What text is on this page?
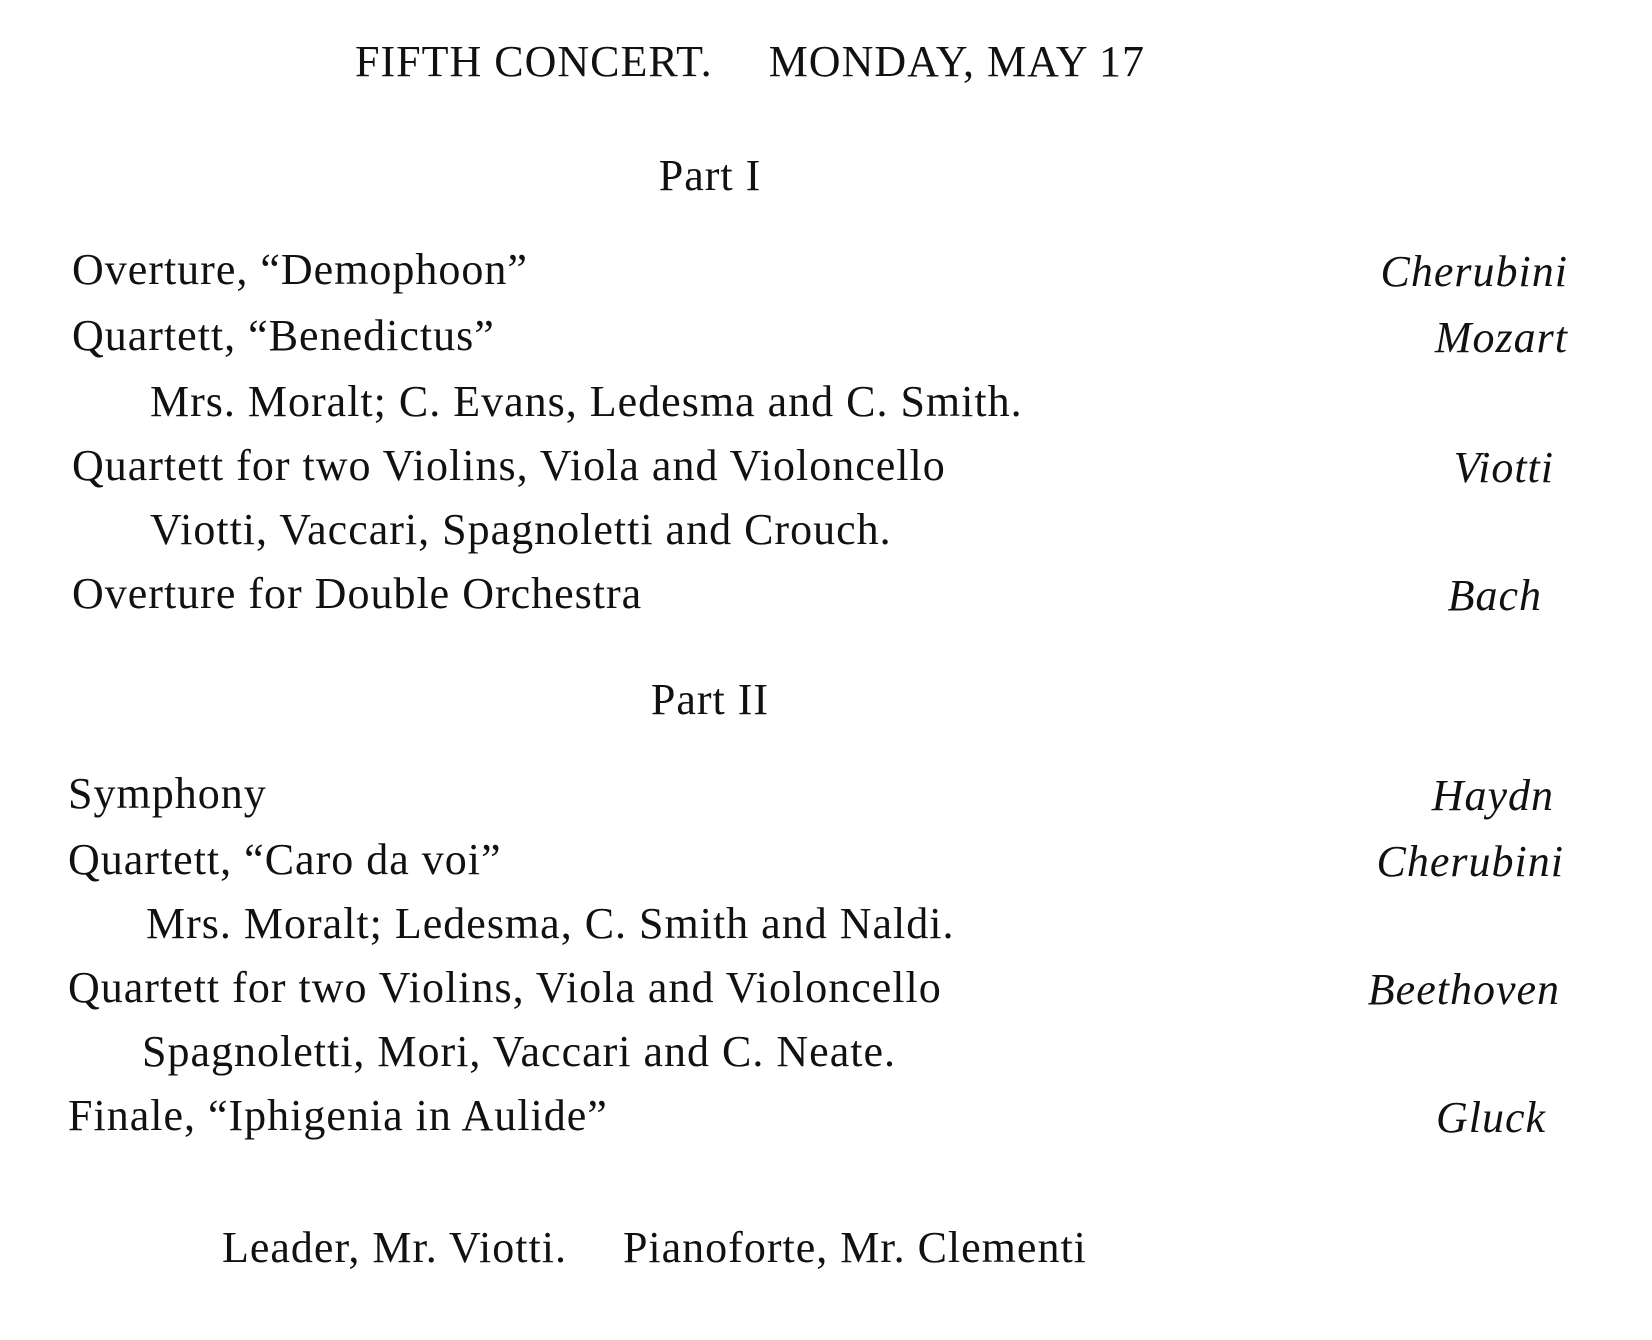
FIFTH CONCERT. MONDAY, MAY 17
Part I
Overture, “Demophoon”	Cherubini
Quartett, “Benedictus”	Mozart
Mrs. Moralt; C. Evans, Ledesma and C. Smith.
Quartett for two Violins, Viola and Violoncello	Viotti
Viotti, Vaccari, Spagnoletti and Crouch.
Overture for Double Orchestra	Bach
Part II
Symphony	Haydn
Quartett, “Caro da voi”	Cherubini
Mrs. Moralt; Ledesma, C. Smith and Naldi.
Quartett for two Violins, Viola and Violoncello	Beethoven
Spagnoletti, Mori, Vaccari and C. Neate.
Finale, “Iphigenia in Aulide”	Gluck
Leader, Mr. Viotti. Pianoforte, Mr. Clementi
